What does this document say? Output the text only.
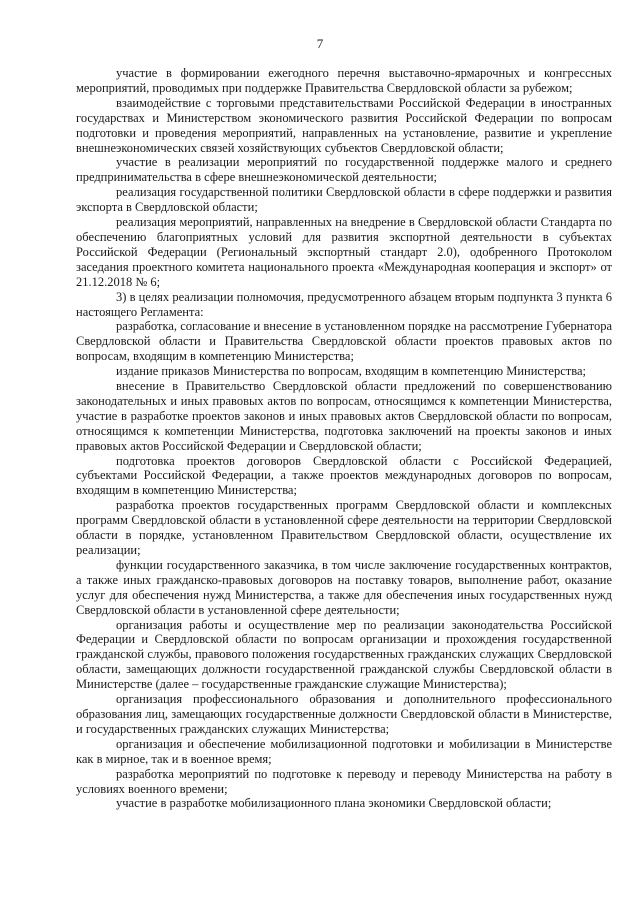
7

участие в формировании ежегодного перечня выставочно-ярмарочных и конгрессных мероприятий, проводимых при поддержке Правительства Свердловской области за рубежом;

взаимодействие с торговыми представительствами Российской Федерации в иностранных государствах и Министерством экономического развития Российской Федерации по вопросам подготовки и проведения мероприятий, направленных на установление, развитие и укрепление внешнеэкономических связей хозяйствующих субъектов Свердловской области;

участие в реализации мероприятий по государственной поддержке малого и среднего предпринимательства в сфере внешнеэкономической деятельности;

реализация государственной политики Свердловской области в сфере поддержки и развития экспорта в Свердловской области;

реализация мероприятий, направленных на внедрение в Свердловской области Стандарта по обеспечению благоприятных условий для развития экспортной деятельности в субъектах Российской Федерации (Региональный экспортный стандарт 2.0), одобренного Протоколом заседания проектного комитета национального проекта «Международная кооперация и экспорт» от 21.12.2018 № 6;

3) в целях реализации полномочия, предусмотренного абзацем вторым подпункта 3 пункта 6 настоящего Регламента:

разработка, согласование и внесение в установленном порядке на рассмотрение Губернатора Свердловской области и Правительства Свердловской области проектов правовых актов по вопросам, входящим в компетенцию Министерства;

издание приказов Министерства по вопросам, входящим в компетенцию Министерства;

внесение в Правительство Свердловской области предложений по совершенствованию законодательных и иных правовых актов по вопросам, относящимся к компетенции Министерства, участие в разработке проектов законов и иных правовых актов Свердловской области по вопросам, относящимся к компетенции Министерства, подготовка заключений на проекты законов и иных правовых актов Российской Федерации и Свердловской области;

подготовка проектов договоров Свердловской области с Российской Федерацией, субъектами Российской Федерации, а также проектов международных договоров по вопросам, входящим в компетенцию Министерства;

разработка проектов государственных программ Свердловской области и комплексных программ Свердловской области в установленной сфере деятельности на территории Свердловской области в порядке, установленном Правительством Свердловской области, осуществление их реализации;

функции государственного заказчика, в том числе заключение государственных контрактов, а также иных гражданско-правовых договоров на поставку товаров, выполнение работ, оказание услуг для обеспечения нужд Министерства, а также для обеспечения иных государственных нужд Свердловской области в установленной сфере деятельности;

организация работы и осуществление мер по реализации законодательства Российской Федерации и Свердловской области по вопросам организации и прохождения государственной гражданской службы, правового положения государственных гражданских служащих Свердловской области, замещающих должности государственной гражданской службы Свердловской области в Министерстве (далее – государственные гражданские служащие Министерства);

организация профессионального образования и дополнительного профессионального образования лиц, замещающих государственные должности Свердловской области в Министерстве, и государственных гражданских служащих Министерства;

организация и обеспечение мобилизационной подготовки и мобилизации в Министерстве как в мирное, так и в военное время;

разработка мероприятий по подготовке к переводу и переводу Министерства на работу в условиях военного времени;

участие в разработке мобилизационного плана экономики Свердловской области;
